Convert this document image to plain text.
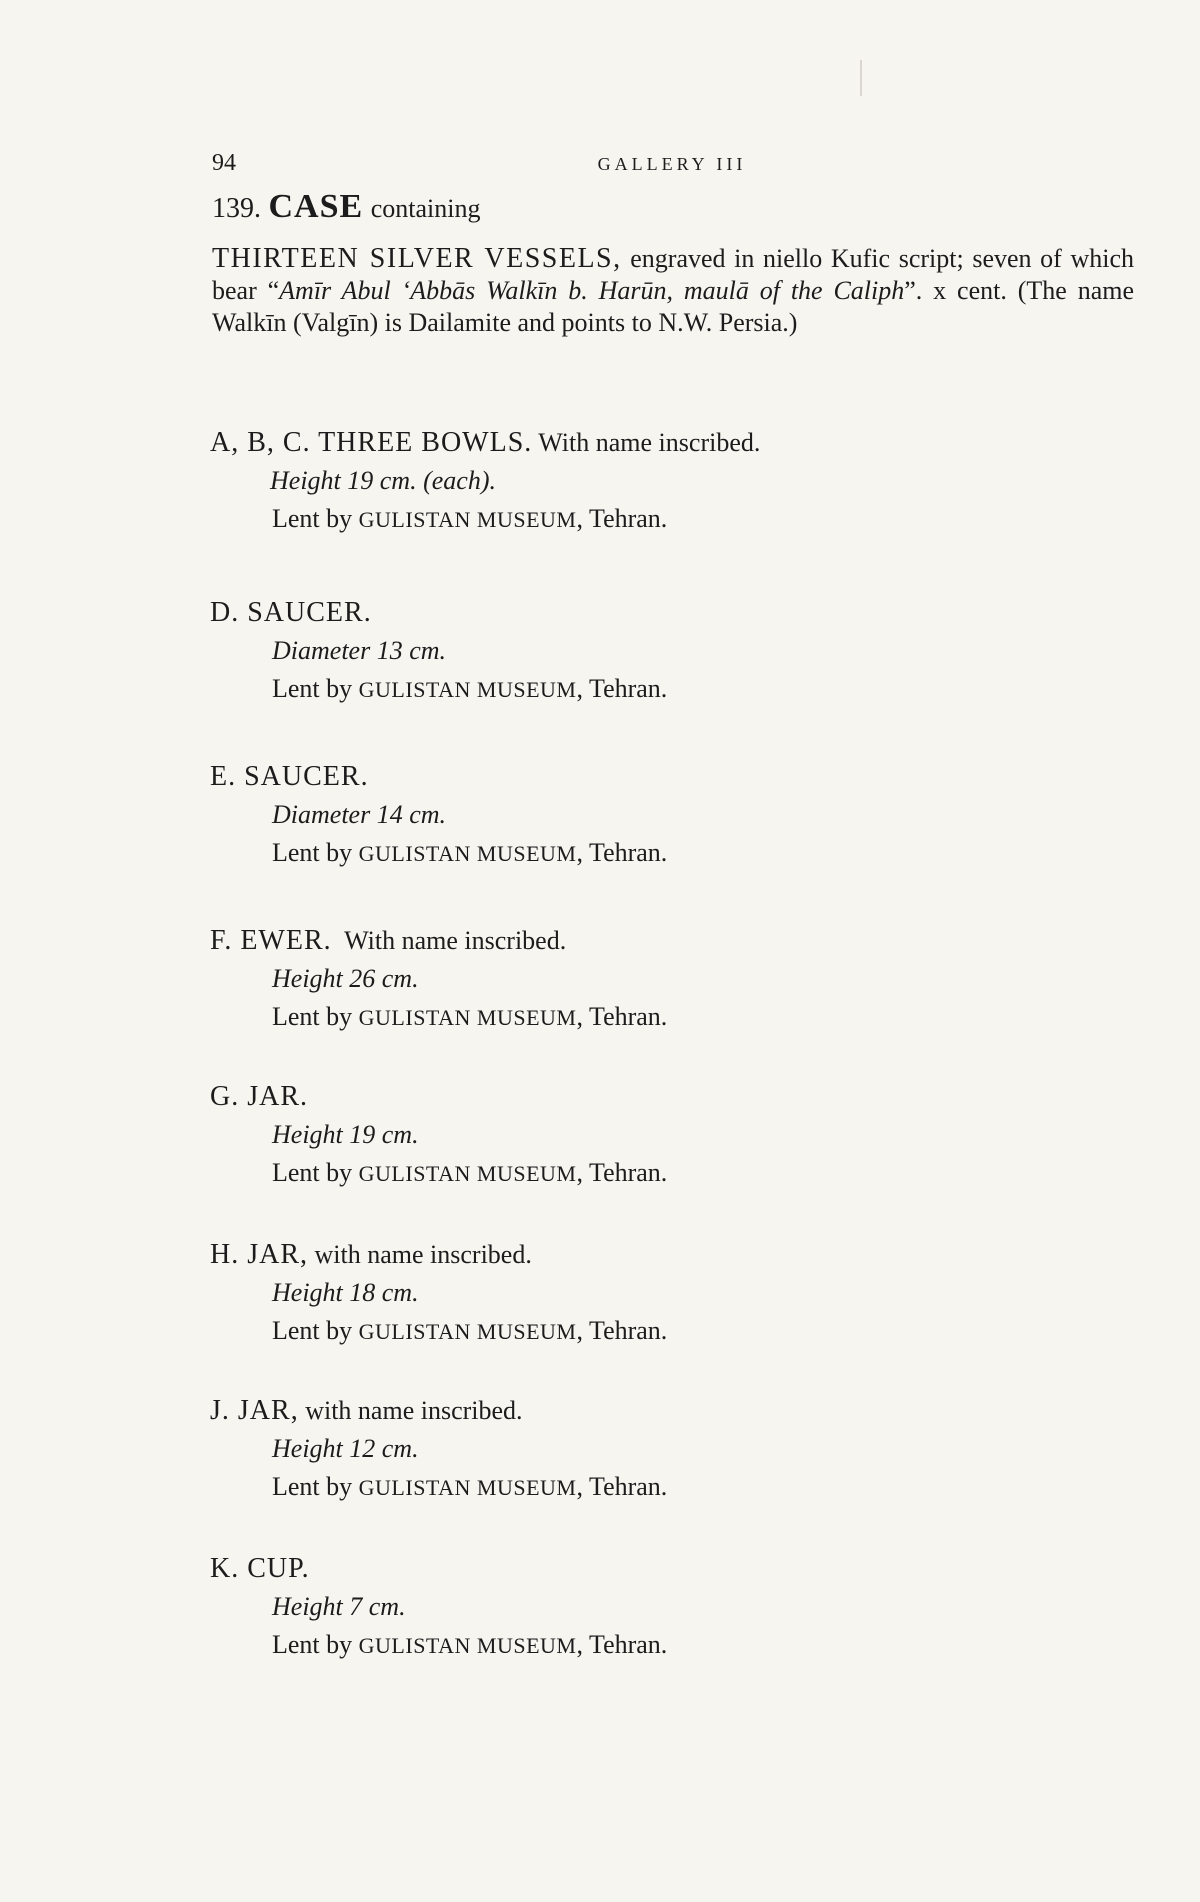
94	GALLERY III
139. CASE containing
THIRTEEN SILVER VESSELS, engraved in niello Kufic script; seven of which bear “Amīr Abul ‘Abbās Walkīn b. Harūn, maulā of the Caliph”. x cent. (The name Walkīn (Valgīn) is Dailamite and points to N.W. Persia.)
A, B, C. THREE BOWLS. With name inscribed.
Height 19 cm. (each).
Lent by GULISTAN MUSEUM, Tehran.
D. SAUCER.
Diameter 13 cm.
Lent by GULISTAN MUSEUM, Tehran.
E. SAUCER.
Diameter 14 cm.
Lent by GULISTAN MUSEUM, Tehran.
F. EWER.  With name inscribed.
Height 26 cm.
Lent by GULISTAN MUSEUM, Tehran.
G. JAR.
Height 19 cm.
Lent by GULISTAN MUSEUM, Tehran.
H. JAR, with name inscribed.
Height 18 cm.
Lent by GULISTAN MUSEUM, Tehran.
J. JAR, with name inscribed.
Height 12 cm.
Lent by GULISTAN MUSEUM, Tehran.
K. CUP.
Height 7 cm.
Lent by GULISTAN MUSEUM, Tehran.
